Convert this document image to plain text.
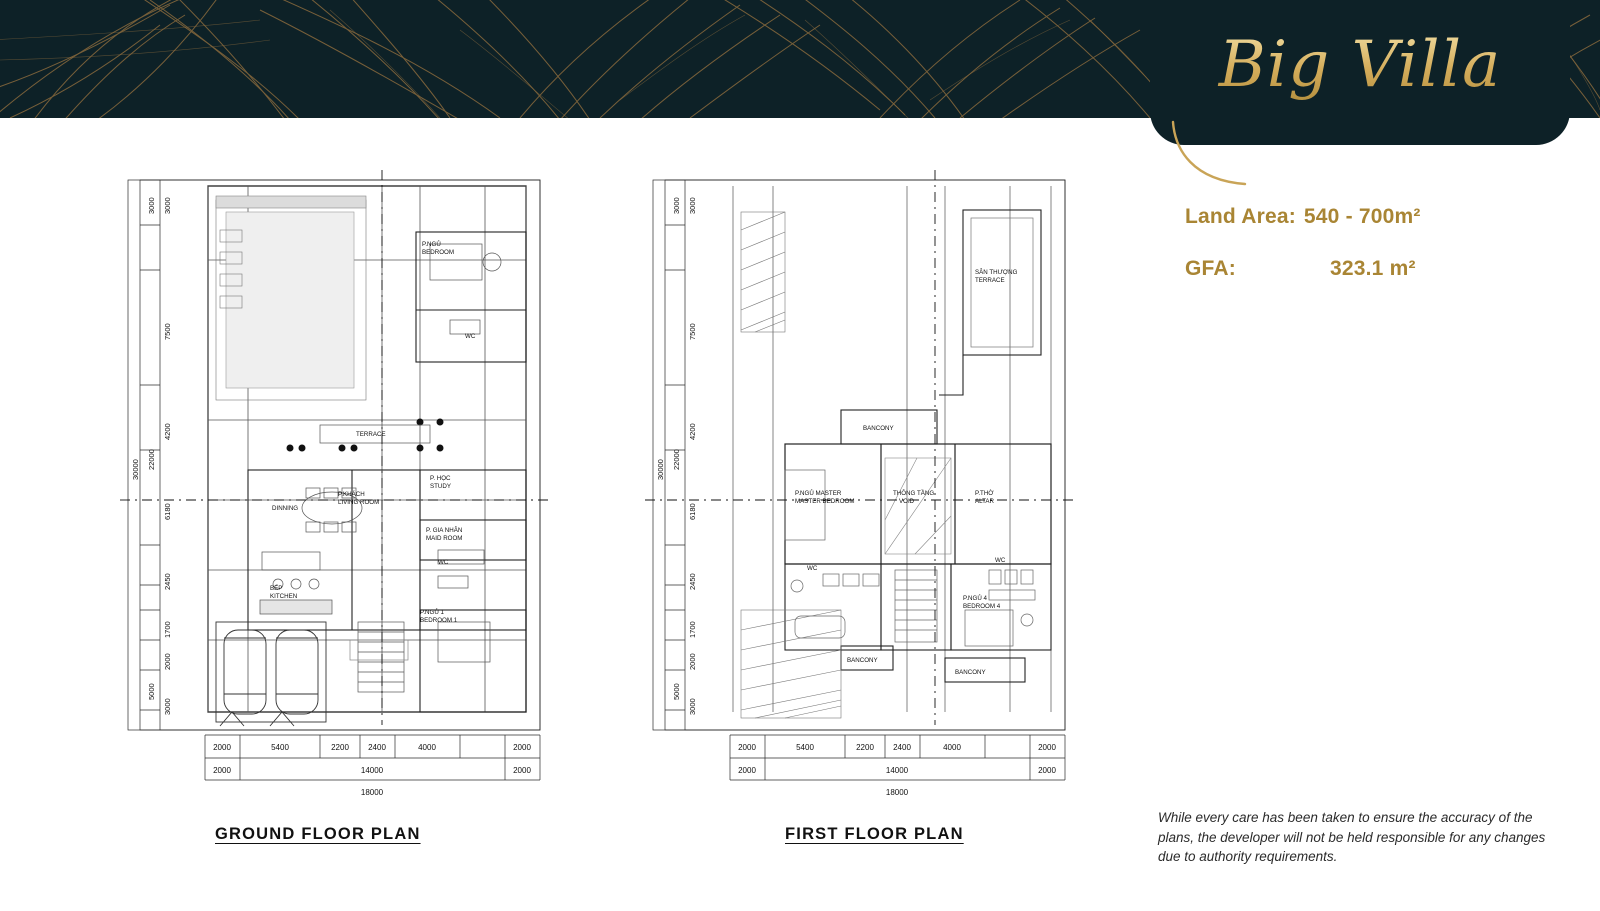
Big Villa
Land Area: 540 - 700m²
GFA:	323.1 m²
While every care has been taken to ensure the accuracy of the plans, the developer will not be held responsible for any changes due to authority requirements.
P.NGỦ
BEDROOM
WC
TERRACE
P. HỌC
STUDY
P.KHÁCH
LIVING ROOM
P. GIA NHÂN
MAID ROOM
WC
DINNING
BẾP
KITCHEN
P.NGỦ 1
BEDROOM 1
3000 3000
7500
4200
22000
30000
6180
2450
1700
2000
5000
3000
2000	5400	2200 2400	4000	2000
2000	14000	2000
18000
GROUND FLOOR PLAN
SÂN THƯỢNG
TERRACE
BANCONY
P.NGỦ MASTER
MASTER BEDROOM
THÔNG TẦNG
VOID
P.THỜ
ALTAR
WC
WC
P.NGỦ 4
BEDROOM 4
BANCONY
BANCONY
3000 3000
7500
4200
22000
30000
6180
2450
1700
2000
5000
3000
2000	5400	2200 2400	4000	2000
2000	14000	2000
18000
FIRST FLOOR PLAN
